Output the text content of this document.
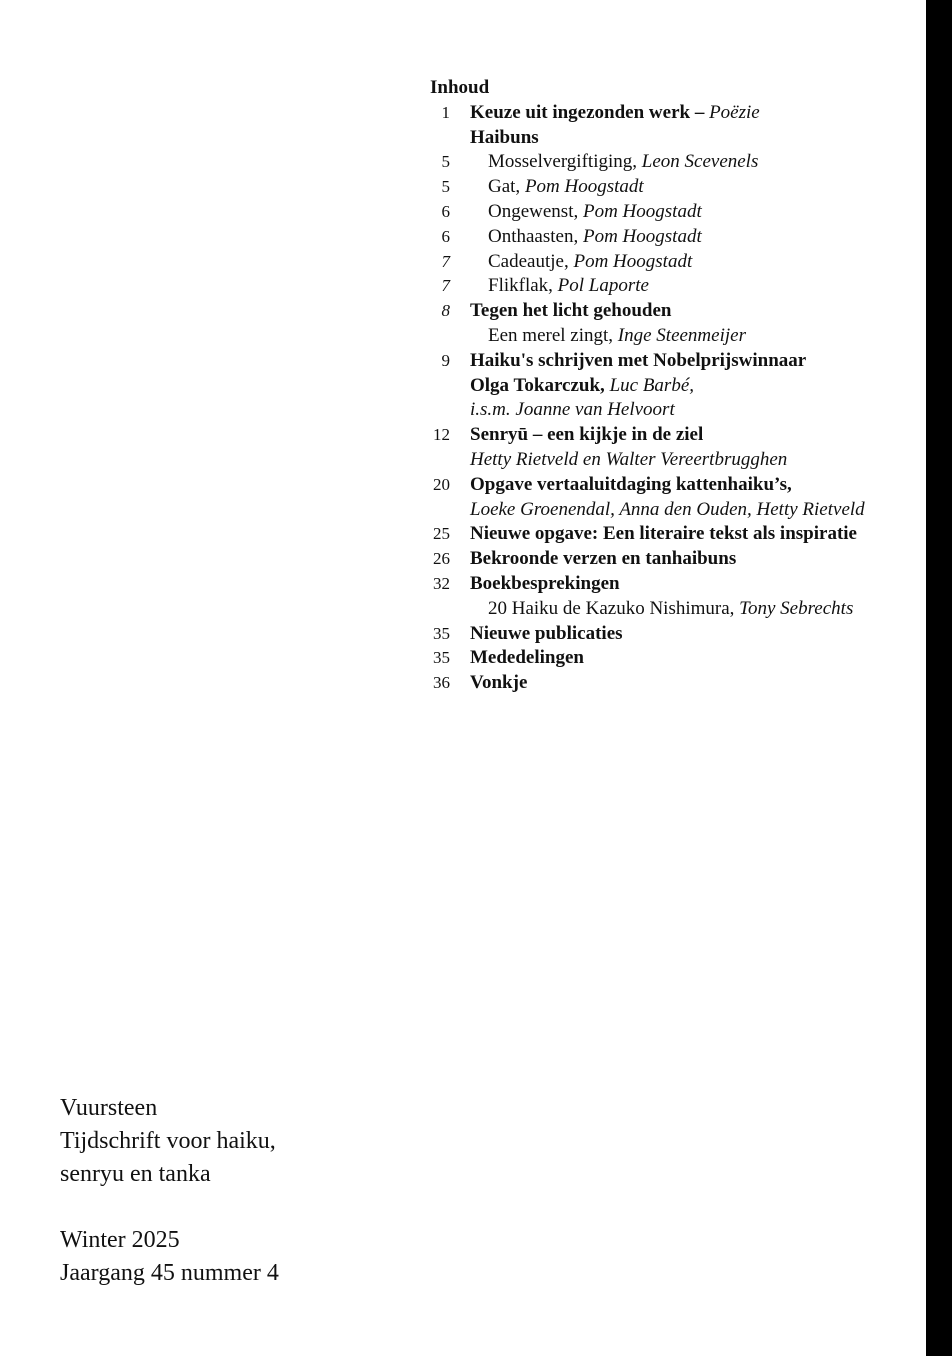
Inhoud
1 Keuze uit ingezonden werk – Poëzie
Haibuns
5 Mosselvergiftiging, Leon Scevenels
5 Gat, Pom Hoogstadt
6 Ongewenst, Pom Hoogstadt
6 Onthaasten, Pom Hoogstadt
7 Cadeautje, Pom Hoogstadt
7 Flikflak, Pol Laporte
8 Tegen het licht gehouden
Een merel zingt, Inge Steenmeijer
9 Haiku's schrijven met Nobelprijswinnaar
Olga Tokarczuk, Luc Barbé,
i.s.m. Joanne van Helvoort
12 Senryū – een kijkje in de ziel
Hetty Rietveld en Walter Vereertbrugghen
20 Opgave vertaaluitdaging kattenhaiku’s,
Loeke Groenendal, Anna den Ouden, Hetty Rietveld
25 Nieuwe opgave: Een literaire tekst als inspiratie
26 Bekroonde verzen en tanhaibuns
32 Boekbesprekingen
20 Haiku de Kazuko Nishimura, Tony Sebrechts
35 Nieuwe publicaties
35 Mededelingen
36 Vonkje
Vuursteen
Tijdschrift voor haiku,
senryu en tanka
Winter 2025
Jaargang 45 nummer 4
